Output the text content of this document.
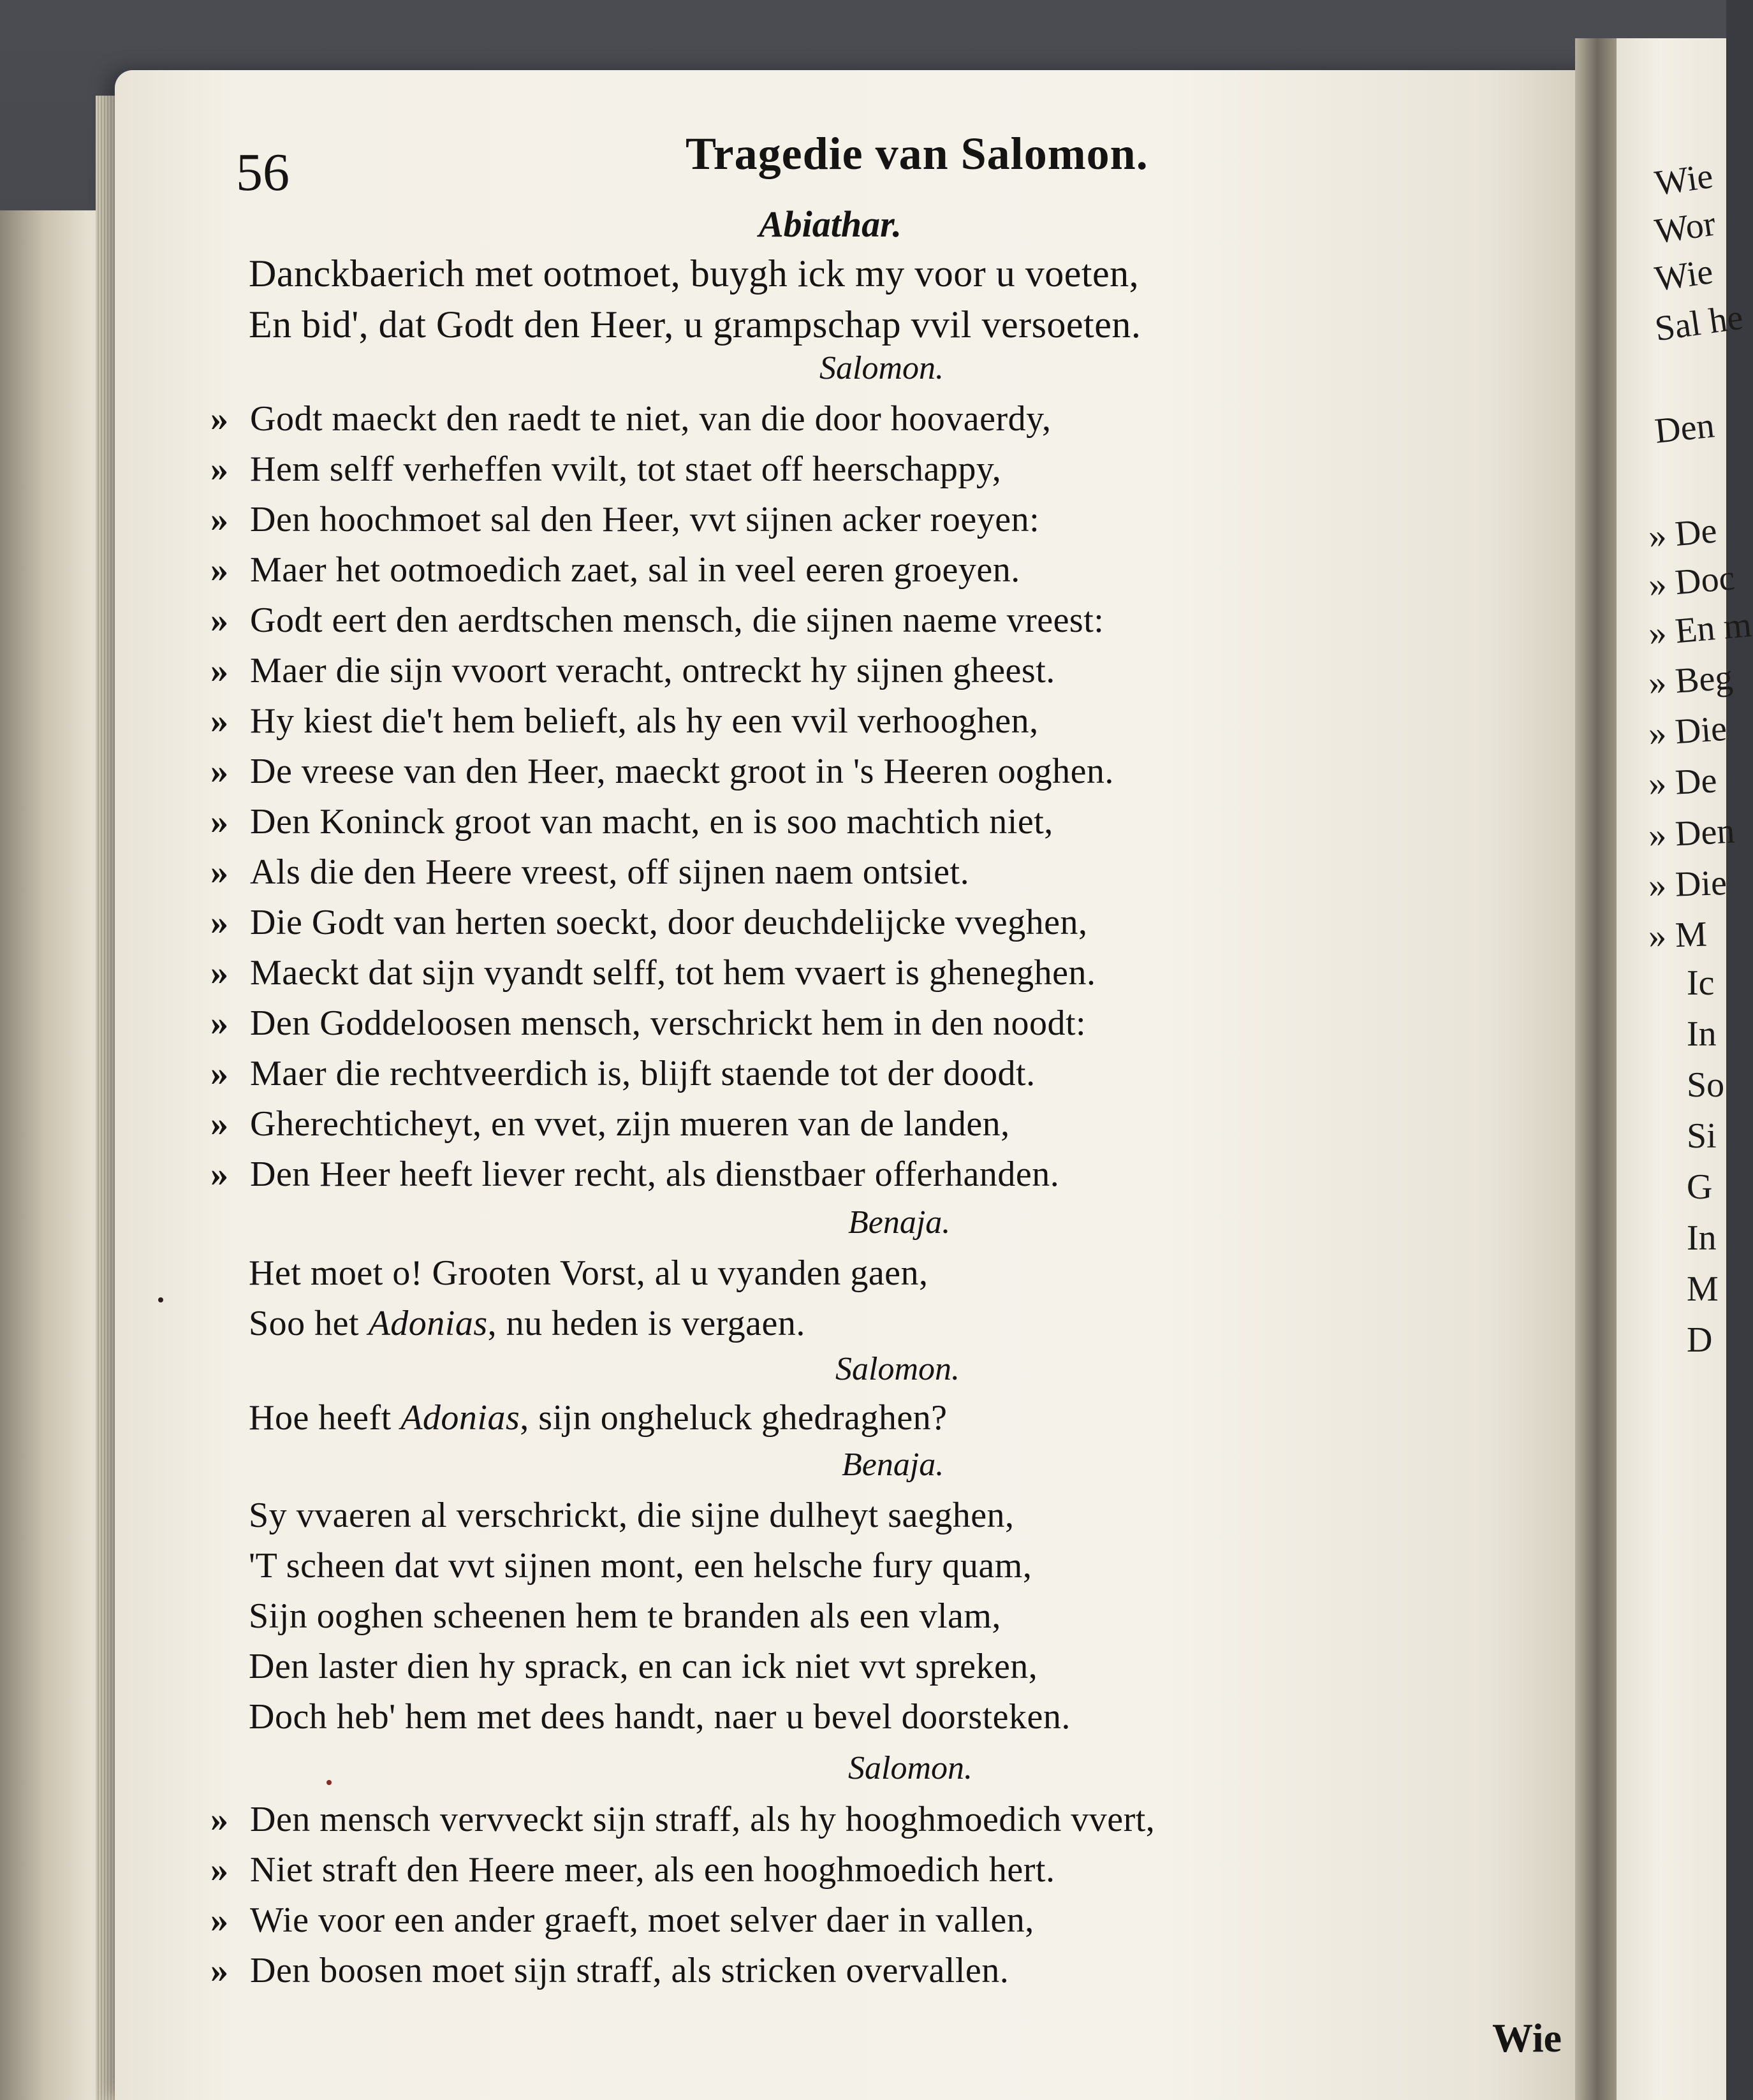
56	Tragedie van Salomon.
Abiathar.
Danckbaerich met ootmoet, buygh ick my voor u voeten,
En bid', dat Godt den Heer, u grampschap vvil versoeten.
Salomon.
» Godt maeckt den raedt te niet, van die door hoovaerdy,
» Hem selff verheffen vvilt, tot staet off heerschappy,
» Den hoochmoet sal den Heer, vvt sijnen acker roeyen:
» Maer het ootmoedich zaet, sal in veel eeren groeyen.
» Godt eert den aerdtschen mensch, die sijnen naeme vreest:
» Maer die sijn vvoort veracht, ontreckt hy sijnen gheest.
» Hy kiest die't hem belieft, als hy een vvil verhooghen,
» De vreese van den Heer, maeckt groot in 's Heeren ooghen.
» Den Koninck groot van macht, en is soo machtich niet,
» Als die den Heere vreest, off sijnen naem ontsiet.
» Die Godt van herten soeckt, door deuchdelijcke vveghen,
» Maeckt dat sijn vyandt selff, tot hem vvaert is gheneghen.
» Den Goddeloosen mensch, verschrickt hem in den noodt:
» Maer die rechtveerdich is, blijft staende tot der doodt.
» Gherechticheyt, en vvet, zijn mueren van de landen,
» Den Heer heeft liever recht, als dienstbaer offerhanden.
Benaja.
Het moet o! Grooten Vorst, al u vyanden gaen,
Soo het Adonias, nu heden is vergaen.
Salomon.
Hoe heeft Adonias, sijn ongheluck ghedraghen?
Benaja.
Sy vvaeren al verschrickt, die sijne dulheyt saeghen,
'T scheen dat vvt sijnen mont, een helsche fury quam,
Sijn ooghen scheenen hem te branden als een vlam,
Den laster dien hy sprack, en can ick niet vvt spreken,
Doch heb' hem met dees handt, naer u bevel doorsteken.
Salomon.
» Den mensch vervveckt sijn straff, als hy hooghmoedich vvert,
» Niet straft den Heere meer, als een hooghmoedich hert.
» Wie voor een ander graeft, moet selver daer in vallen,
» Den boosen moet sijn straff, als stricken overvallen.
Wie
Wie
Wor
Wie
Sal he
Den
» De
» Doc
» En m
» Beg
» Die
» De
» Den
» Die
» M
Ic
In
So
Si
G
In
M
D
